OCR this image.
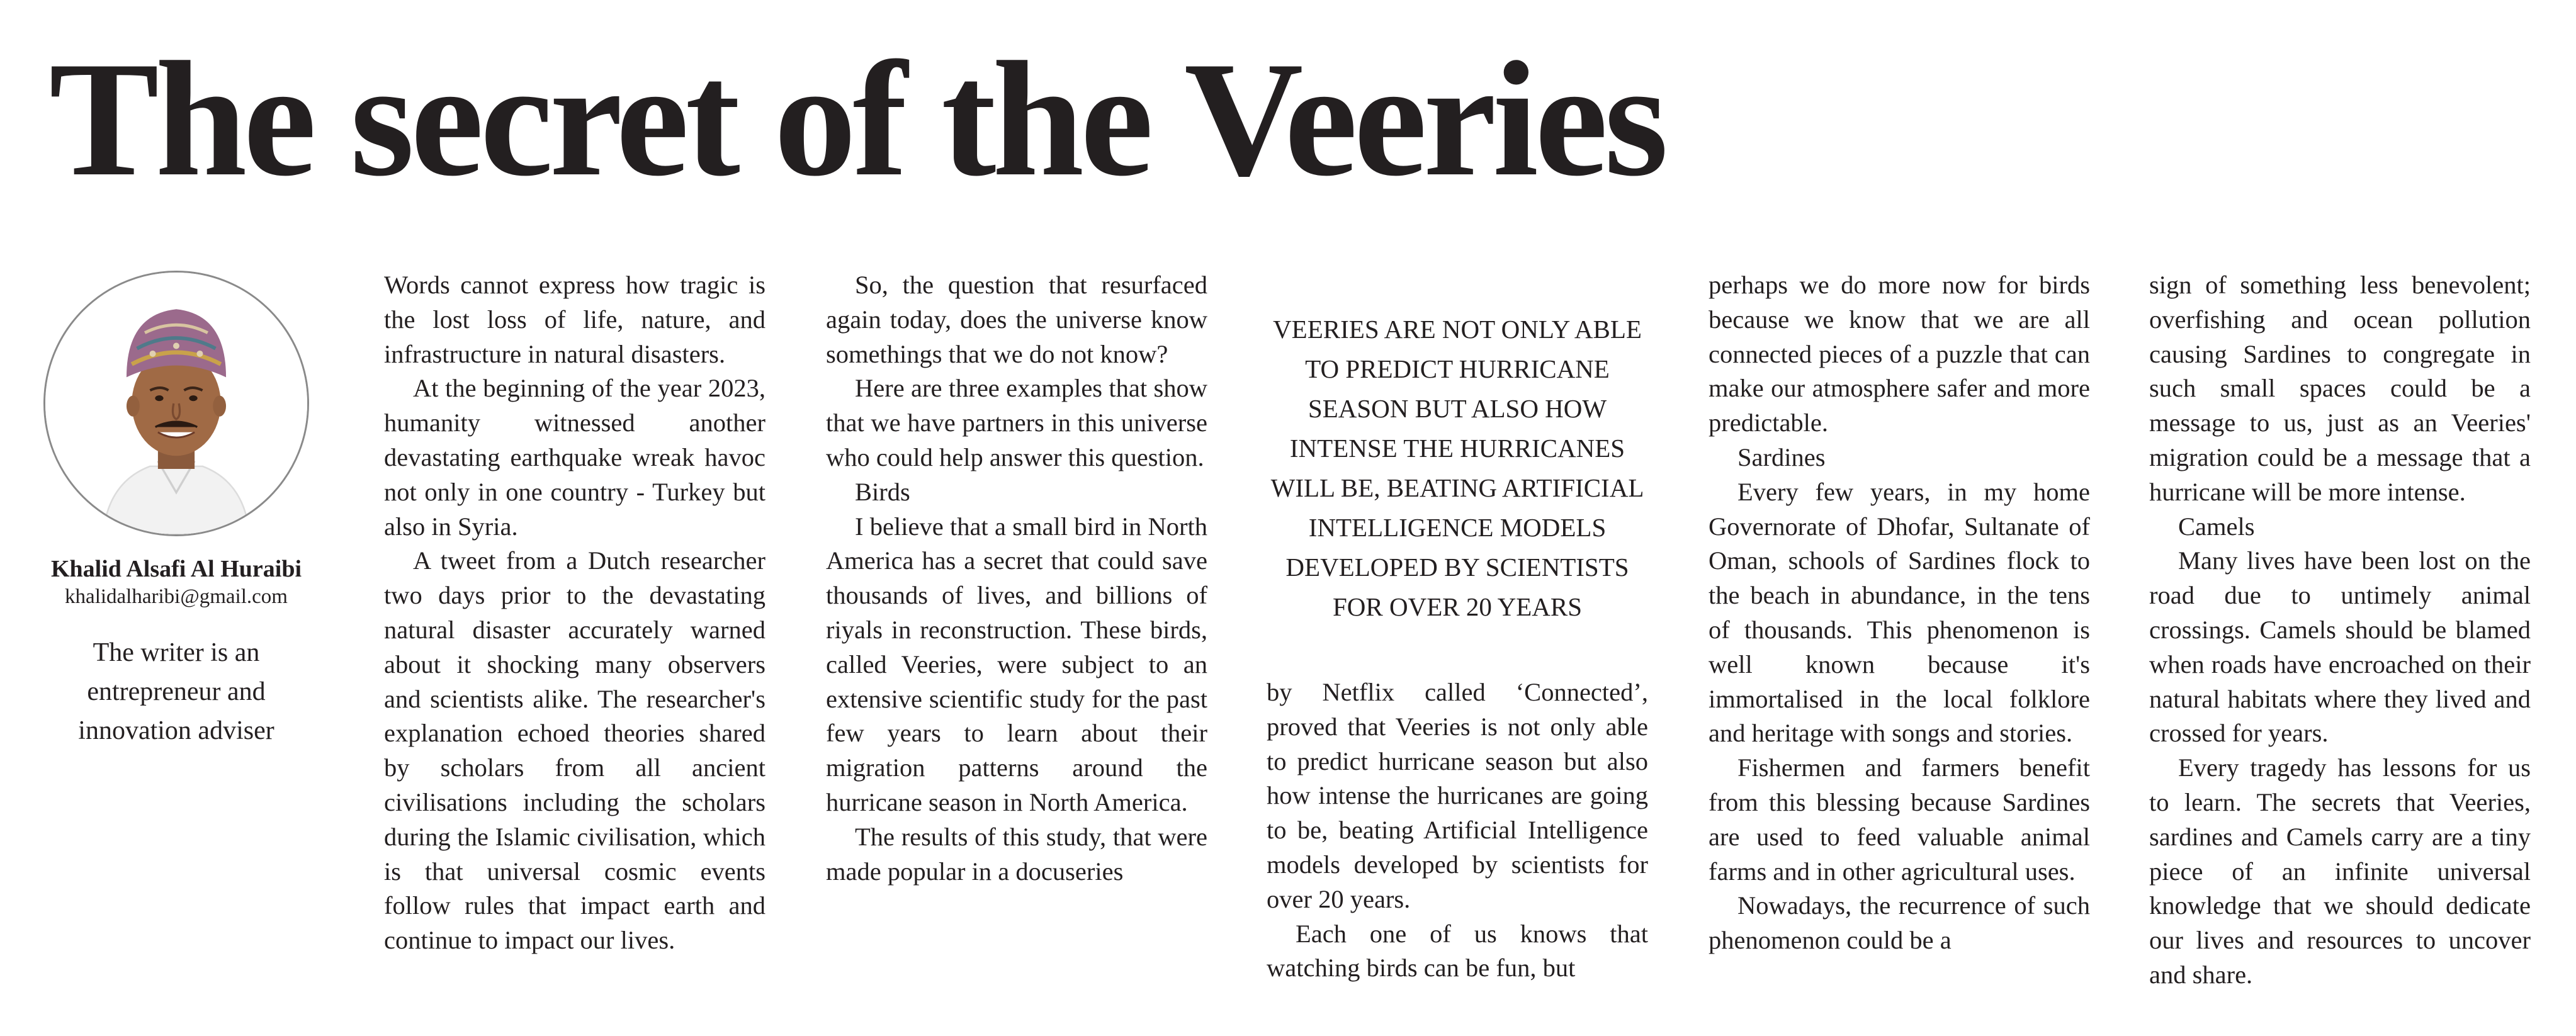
The secret of the Veeries
Khalid Alsafi Al Huraibi
khalidalharibi@gmail.com
The writer is an entrepreneur and innovation adviser

Words cannot express how tragic is the lost loss of life, nature, and infrastructure in natural disasters.

At the beginning of the year 2023, humanity witnessed another devastating earthquake wreak havoc not only in one country - Turkey but also in Syria.

A tweet from a Dutch researcher two days prior to the devastating natural disaster accurately warned about it shocking many observers and scientists alike. The researcher's explanation echoed theories shared by scholars from all ancient civilisations including the scholars during the Islamic civilisation, which is that universal cosmic events follow rules that impact earth and continue to impact our lives.

So, the question that resurfaced again today, does the universe know somethings that we do not know?

Here are three examples that show that we have partners in this universe who could help answer this question.

Birds

I believe that a small bird in North America has a secret that could save thousands of lives, and billions of riyals in reconstruction. These birds, called Veeries, were subject to an extensive scientific study for the past few years to learn about their migration patterns around the hurricane season in North America.

The results of this study, that were made popular in a docuseries

VEERIES ARE NOT ONLY ABLE TO PREDICT HURRICANE SEASON BUT ALSO HOW INTENSE THE HURRICANES WILL BE, BEATING ARTIFICIAL INTELLIGENCE MODELS DEVELOPED BY SCIENTISTS FOR OVER 20 YEARS

by Netflix called ‘Connected’, proved that Veeries is not only able to predict hurricane season but also how intense the hurricanes are going to be, beating Artificial Intelligence models developed by scientists for over 20 years.

Each one of us knows that watching birds can be fun, but

perhaps we do more now for birds because we know that we are all connected pieces of a puzzle that can make our atmosphere safer and more predictable.

Sardines

Every few years, in my home Governorate of Dhofar, Sultanate of Oman, schools of Sardines flock to the beach in abundance, in the tens of thousands. This phenomenon is well known because it's immortalised in the local folklore and heritage with songs and stories.

Fishermen and farmers benefit from this blessing because Sardines are used to feed valuable animal farms and in other agricultural uses.

Nowadays, the recurrence of such phenomenon could be a

sign of something less benevolent; overfishing and ocean pollution causing Sardines to congregate in such small spaces could be a message to us, just as an Veeries' migration could be a message that a hurricane will be more intense.

Camels

Many lives have been lost on the road due to untimely animal crossings. Camels should be blamed when roads have encroached on their natural habitats where they lived and crossed for years.

Every tragedy has lessons for us to learn. The secrets that Veeries, sardines and Camels carry are a tiny piece of an infinite universal knowledge that we should dedicate our lives and resources to uncover and share.
